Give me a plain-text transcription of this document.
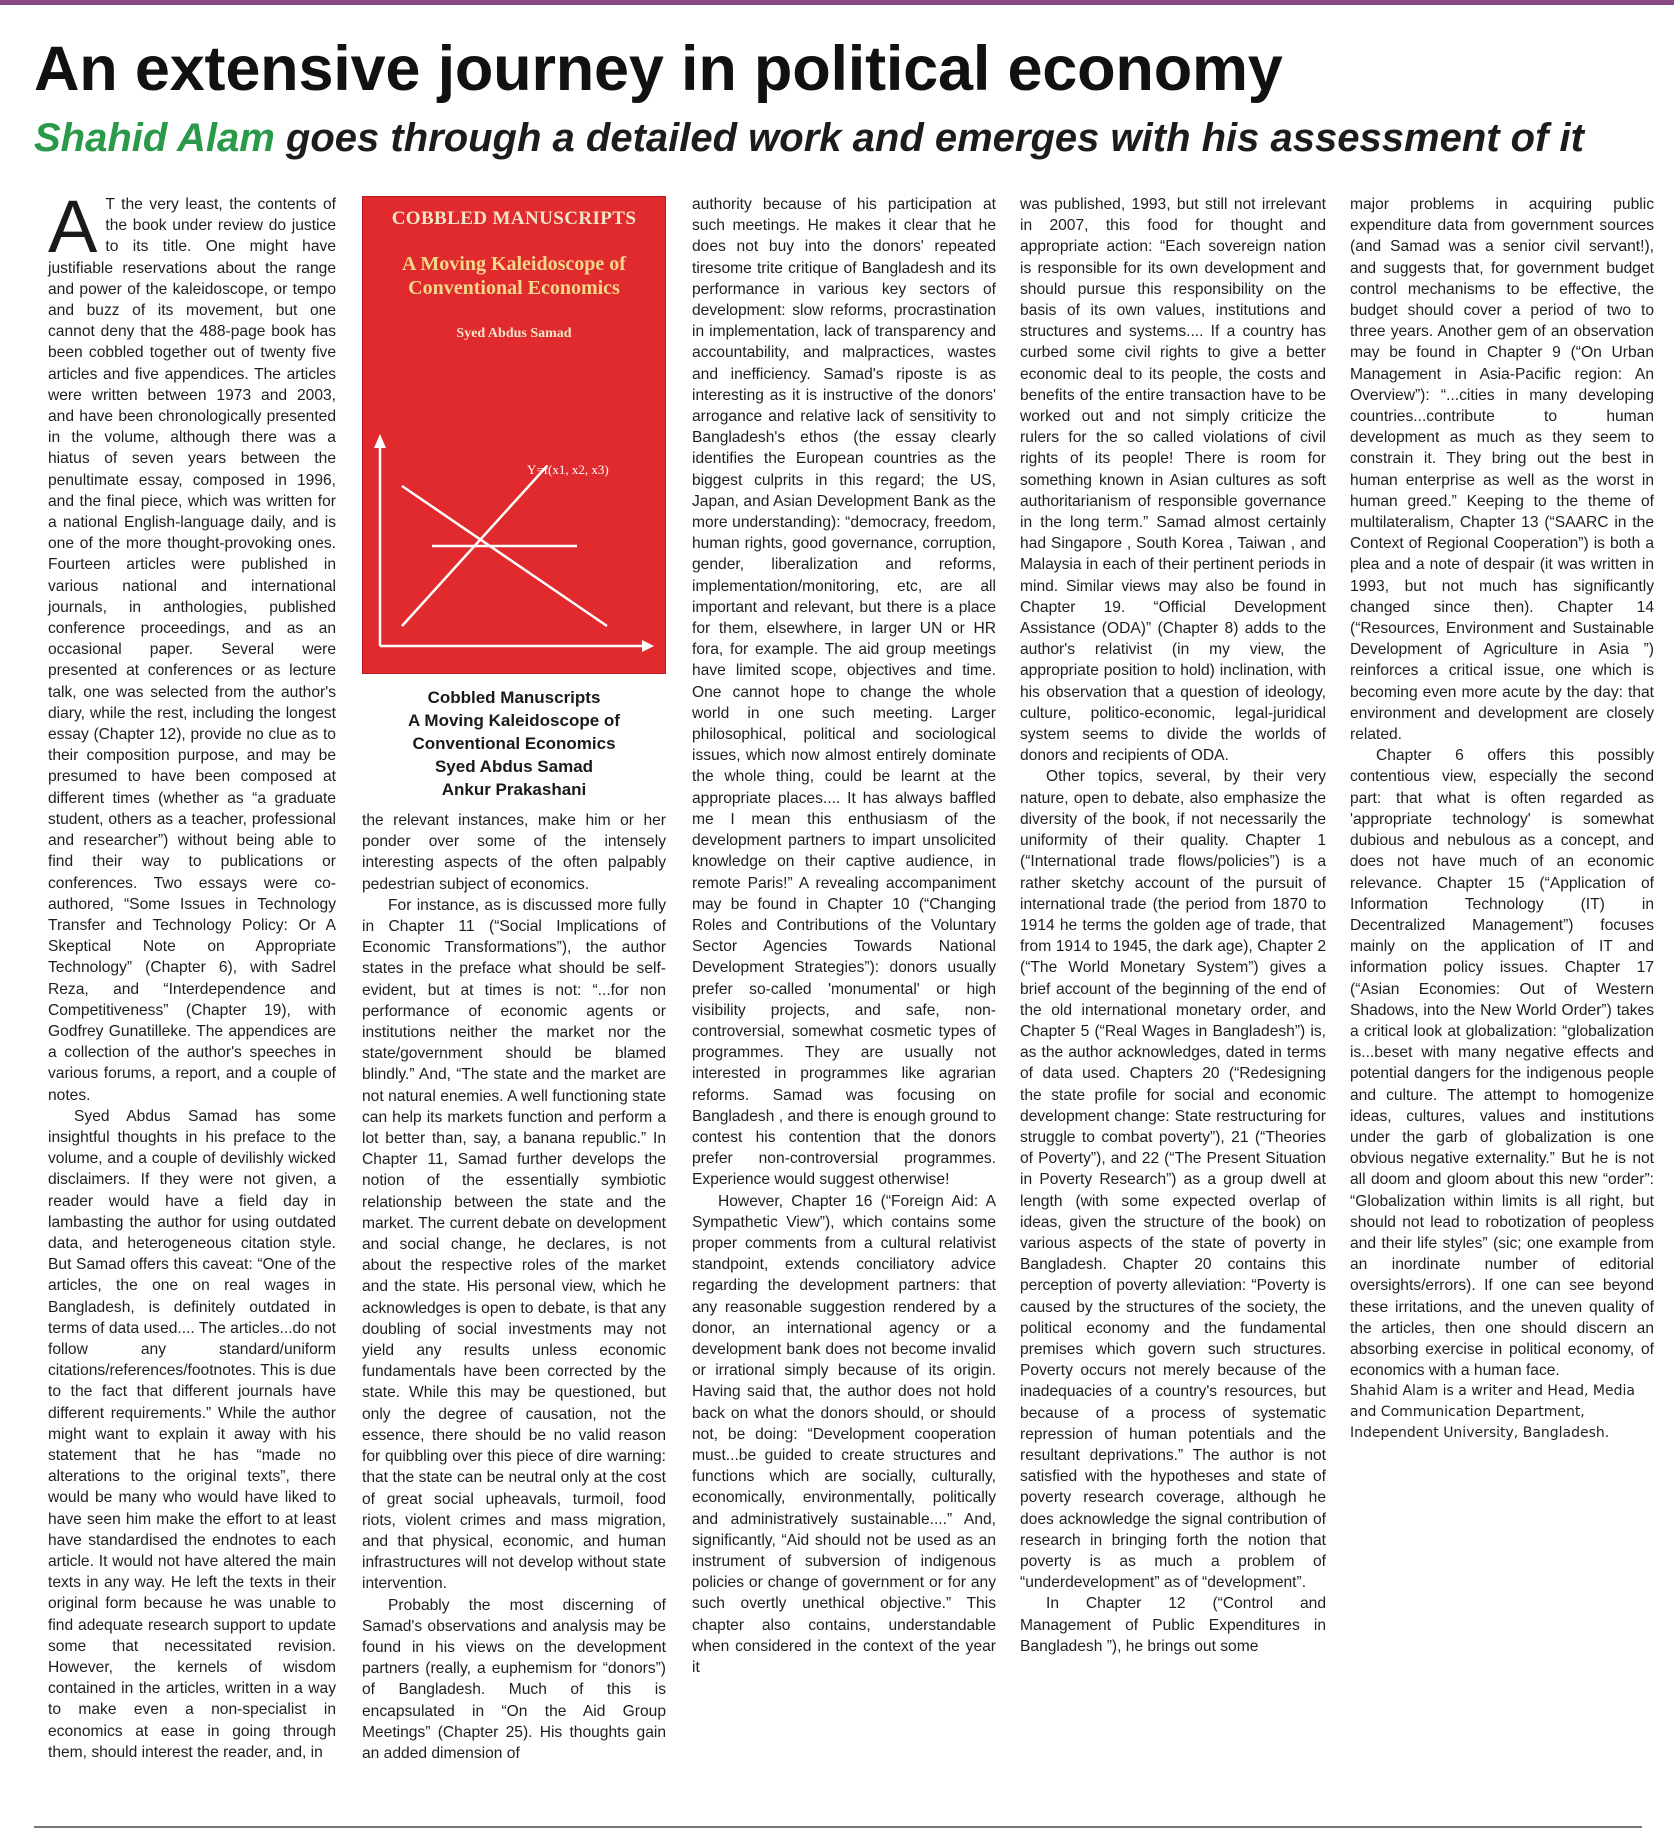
An extensive journey in political economy
Shahid Alam goes through a detailed work and emerges with his assessment of it

A T the very least, the contents of the book under review do justice to its title. One might have justifiable reservations about the range and power of the kaleidoscope, or tempo and buzz of its movement, but one cannot deny that the 488-page book has been cobbled together out of twenty five articles and five appendices. The articles were written between 1973 and 2003, and have been chronologically presented in the volume, although there was a hiatus of seven years between the penultimate essay, composed in 1996, and the final piece, which was written for a national English-language daily, and is one of the more thought-provoking ones. Fourteen articles were published in various national and international journals, in anthologies, published conference proceedings, and as an occasional paper. Several were presented at conferences or as lecture talk, one was selected from the author's diary, while the rest, including the longest essay (Chapter 12), provide no clue as to their composition purpose, and may be presumed to have been composed at different times (whether as “a graduate student, others as a teacher, professional and researcher”) without being able to find their way to publications or conferences. Two essays were co-authored, “Some Issues in Technology Transfer and Technology Policy: Or A Skeptical Note on Appropriate Technology” (Chapter 6), with Sadrel Reza, and “Interdependence and Competitiveness” (Chapter 19), with Godfrey Gunatilleke. The appendices are a collection of the author's speeches in various forums, a report, and a couple of notes.

Syed Abdus Samad has some insightful thoughts in his preface to the volume, and a couple of devilishly wicked disclaimers. If they were not given, a reader would have a field day in lambasting the author for using outdated data, and heterogeneous citation style. But Samad offers this caveat: “One of the articles, the one on real wages in Bangladesh, is definitely outdated in terms of data used.... The articles...do not follow any standard/uniform citations/references/footnotes. This is due to the fact that different journals have different requirements.” While the author might want to explain it away with his statement that he has “made no alterations to the original texts”, there would be many who would have liked to have seen him make the effort to at least have standardised the endnotes to each article. It would not have altered the main texts in any way. He left the texts in their original form because he was unable to find adequate research support to update some that necessitated revision. However, the kernels of wisdom contained in the articles, written in a way to make even a non-specialist in economics at ease in going through them, should interest the reader, and, in

COBBLED MANUSCRIPTS
A Moving Kaleidoscope of
Conventional Economics
Syed Abdus Samad
Y=f(x1, x2, x3)
Cobbled Manuscripts
A Moving Kaleidoscope of
Conventional Economics
Syed Abdus Samad
Ankur Prakashani

the relevant instances, make him or her ponder over some of the intensely interesting aspects of the often palpably pedestrian subject of economics.

For instance, as is discussed more fully in Chapter 11 (“Social Implications of Economic Transformations”), the author states in the preface what should be self-evident, but at times is not: “...for non performance of economic agents or institutions neither the market nor the state/government should be blamed blindly.” And, “The state and the market are not natural enemies. A well functioning state can help its markets function and perform a lot better than, say, a banana republic.” In Chapter 11, Samad further develops the notion of the essentially symbiotic relationship between the state and the market. The current debate on development and social change, he declares, is not about the respective roles of the market and the state. His personal view, which he acknowledges is open to debate, is that any doubling of social investments may not yield any results unless economic fundamentals have been corrected by the state. While this may be questioned, but only the degree of causation, not the essence, there should be no valid reason for quibbling over this piece of dire warning: that the state can be neutral only at the cost of great social upheavals, turmoil, food riots, violent crimes and mass migration, and that physical, economic, and human infrastructures will not develop without state intervention.

Probably the most discerning of Samad's observations and analysis may be found in his views on the development partners (really, a euphemism for “donors”) of Bangladesh. Much of this is encapsulated in “On the Aid Group Meetings” (Chapter 25). His thoughts gain an added dimension of

authority because of his participation at such meetings. He makes it clear that he does not buy into the donors' repeated tiresome trite critique of Bangladesh and its performance in various key sectors of development: slow reforms, procrastination in implementation, lack of transparency and accountability, and malpractices, wastes and inefficiency. Samad's riposte is as interesting as it is instructive of the donors' arrogance and relative lack of sensitivity to Bangladesh's ethos (the essay clearly identifies the European countries as the biggest culprits in this regard; the US, Japan, and Asian Development Bank as the more understanding): “democracy, freedom, human rights, good governance, corruption, gender, liberalization and reforms, implementation/monitoring, etc, are all important and relevant, but there is a place for them, elsewhere, in larger UN or HR fora, for example. The aid group meetings have limited scope, objectives and time. One cannot hope to change the whole world in one such meeting. Larger philosophical, political and sociological issues, which now almost entirely dominate the whole thing, could be learnt at the appropriate places.... It has always baffled me I mean this enthusiasm of the development partners to impart unsolicited knowledge on their captive audience, in remote Paris!” A revealing accompaniment may be found in Chapter 10 (“Changing Roles and Contributions of the Voluntary Sector Agencies Towards National Development Strategies”): donors usually prefer so-called 'monumental' or high visibility projects, and safe, non-controversial, somewhat cosmetic types of programmes. They are usually not interested in programmes like agrarian reforms. Samad was focusing on Bangladesh , and there is enough ground to contest his contention that the donors prefer non-controversial programmes. Experience would suggest otherwise!

However, Chapter 16 (“Foreign Aid: A Sympathetic View”), which contains some proper comments from a cultural relativist standpoint, extends conciliatory advice regarding the development partners: that any reasonable suggestion rendered by a donor, an international agency or a development bank does not become invalid or irrational simply because of its origin. Having said that, the author does not hold back on what the donors should, or should not, be doing: “Development cooperation must...be guided to create structures and functions which are socially, culturally, economically, environmentally, politically and administratively sustainable....” And, significantly, “Aid should not be used as an instrument of subversion of indigenous policies or change of government or for any such overtly unethical objective.” This chapter also contains, understandable when considered in the context of the year it

was published, 1993, but still not irrelevant in 2007, this food for thought and appropriate action: “Each sovereign nation is responsible for its own development and should pursue this responsibility on the basis of its own values, institutions and structures and systems.... If a country has curbed some civil rights to give a better economic deal to its people, the costs and benefits of the entire transaction have to be worked out and not simply criticize the rulers for the so called violations of civil rights of its people! There is room for something known in Asian cultures as soft authoritarianism of responsible governance in the long term.” Samad almost certainly had Singapore , South Korea , Taiwan , and Malaysia in each of their pertinent periods in mind. Similar views may also be found in Chapter 19. “Official Development Assistance (ODA)” (Chapter 8) adds to the author's relativist (in my view, the appropriate position to hold) inclination, with his observation that a question of ideology, culture, politico-economic, legal-juridical system seems to divide the worlds of donors and recipients of ODA.

Other topics, several, by their very nature, open to debate, also emphasize the diversity of the book, if not necessarily the uniformity of their quality. Chapter 1 (“International trade flows/policies”) is a rather sketchy account of the pursuit of international trade (the period from 1870 to 1914 he terms the golden age of trade, that from 1914 to 1945, the dark age), Chapter 2 (“The World Monetary System”) gives a brief account of the beginning of the end of the old international monetary order, and Chapter 5 (“Real Wages in Bangladesh”) is, as the author acknowledges, dated in terms of data used. Chapters 20 (“Redesigning the state profile for social and economic development change: State restructuring for struggle to combat poverty”), 21 (“Theories of Poverty”), and 22 (“The Present Situation in Poverty Research”) as a group dwell at length (with some expected overlap of ideas, given the structure of the book) on various aspects of the state of poverty in Bangladesh. Chapter 20 contains this perception of poverty alleviation: “Poverty is caused by the structures of the society, the political economy and the fundamental premises which govern such structures. Poverty occurs not merely because of the inadequacies of a country's resources, but because of a process of systematic repression of human potentials and the resultant deprivations.” The author is not satisfied with the hypotheses and state of poverty research coverage, although he does acknowledge the signal contribution of research in bringing forth the notion that poverty is as much a problem of “underdevelopment” as of “development”.

In Chapter 12 (“Control and Management of Public Expenditures in Bangladesh ”), he brings out some

major problems in acquiring public expenditure data from government sources (and Samad was a senior civil servant!), and suggests that, for government budget control mechanisms to be effective, the budget should cover a period of two to three years. Another gem of an observation may be found in Chapter 9 (“On Urban Management in Asia-Pacific region: An Overview”): “...cities in many developing countries...contribute to human development as much as they seem to constrain it. They bring out the best in human enterprise as well as the worst in human greed.” Keeping to the theme of multilateralism, Chapter 13 (“SAARC in the Context of Regional Cooperation”) is both a plea and a note of despair (it was written in 1993, but not much has significantly changed since then). Chapter 14 (“Resources, Environment and Sustainable Development of Agriculture in Asia ”) reinforces a critical issue, one which is becoming even more acute by the day: that environment and development are closely related.

Chapter 6 offers this possibly contentious view, especially the second part: that what is often regarded as 'appropriate technology' is somewhat dubious and nebulous as a concept, and does not have much of an economic relevance. Chapter 15 (“Application of Information Technology (IT) in Decentralized Management”) focuses mainly on the application of IT and information policy issues. Chapter 17 (“Asian Economies: Out of Western Shadows, into the New World Order”) takes a critical look at globalization: “globalization is...beset with many negative effects and potential dangers for the indigenous people and culture. The attempt to homogenize ideas, cultures, values and institutions under the garb of globalization is one obvious negative externality.” But he is not all doom and gloom about this new “order”: “Globalization within limits is all right, but should not lead to robotization of peopless and their life styles” (sic; one example from an inordinate number of editorial oversights/errors). If one can see beyond these irritations, and the uneven quality of the articles, then one should discern an absorbing exercise in political economy, of economics with a human face.

Shahid Alam is a writer and Head, Media and Communication Department, Independent University, Bangladesh.
